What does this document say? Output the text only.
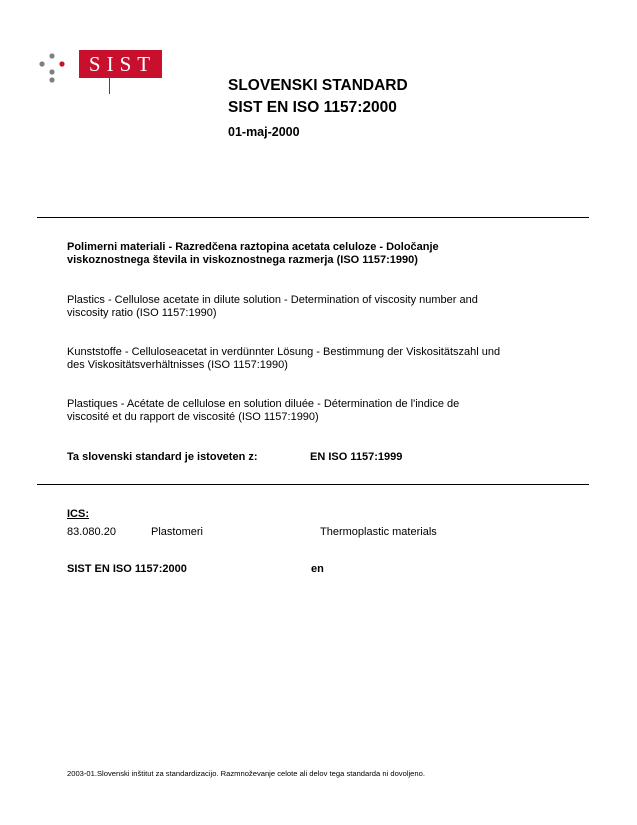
SIST
SLOVENSKI STANDARD
SIST EN ISO 1157:2000
01-maj-2000
Polimerni materiali - Razredčena raztopina acetata celuloze - Določanje
viskoznostnega števila in viskoznostnega razmerja (ISO 1157:1990)
Plastics - Cellulose acetate in dilute solution - Determination of viscosity number and
viscosity ratio (ISO 1157:1990)
Kunststoffe - Celluloseacetat in verdünnter Lösung - Bestimmung der Viskositätszahl und
des Viskositätsverhältnisses (ISO 1157:1990)
Plastiques - Acétate de cellulose en solution diluée - Détermination de l'indice de
viscosité et du rapport de viscosité (ISO 1157:1990)
Ta slovenski standard je istoveten z:	EN ISO 1157:1999
ICS:
83.080.20	Plastomeri	Thermoplastic materials
SIST EN ISO 1157:2000	en
2003-01.Slovenski inštitut za standardizacijo. Razmnoževanje celote ali delov tega standarda ni dovoljeno.
